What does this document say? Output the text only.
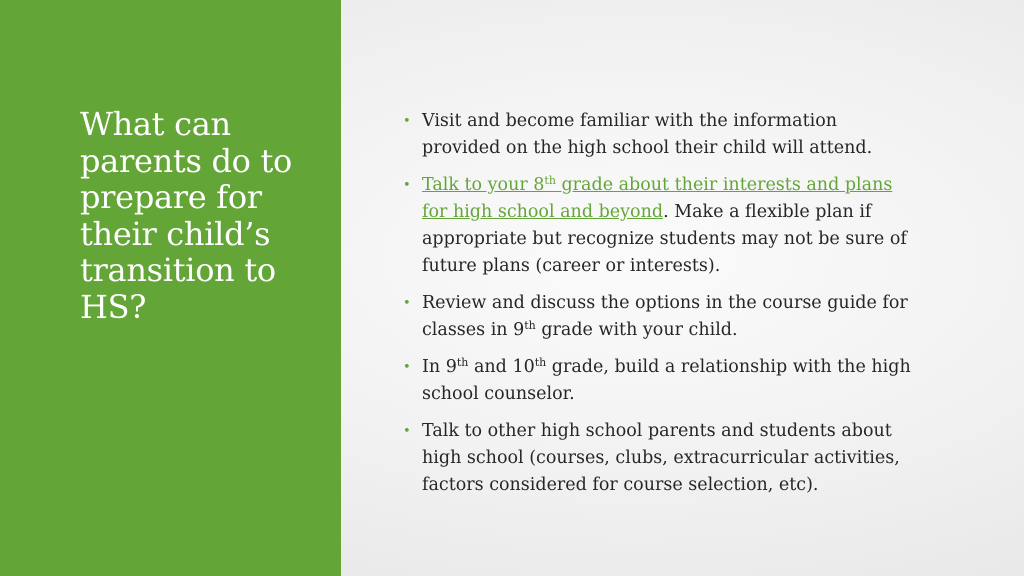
What can
parents do to
prepare for
their child’s
transition to
HS?
• Visit and become familiar with the information provided on the high school their child will attend.
• Talk to your 8th grade about their interests and plans for high school and beyond. Make a flexible plan if appropriate but recognize students may not be sure of future plans (career or interests).
• Review and discuss the options in the course guide for classes in 9th grade with your child.
• In 9th and 10th grade, build a relationship with the high school counselor.
• Talk to other high school parents and students about high school (courses, clubs, extracurricular activities, factors considered for course selection, etc).
